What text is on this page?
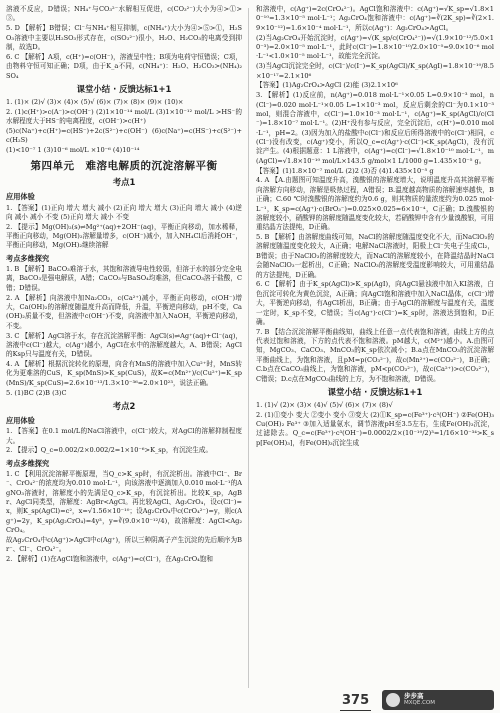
溶液不反应，D错误；NH₄⁺与CO₃²⁻水解相互促进，c(CO₃²⁻)大小为④>①>③。

5. D 【解析】B错误；Cl⁻与NH₄⁺相互抑制，c(NH₄⁺)大小为④>⑤>①，H₂SO₃溶液中主要以H₂SO₃形式存在，c(SO₃²⁻)很小，H₂O、H₂CO₃的电离受到抑制，故选D。

6. C 【解析】A项，c(H⁺)=c(OH⁻)，溶液呈中性；B项为电荷守恒错误；C项，由物料守恒可知正确；D项，由于K_a不同，c(NH₄⁺)：H₂O、H₂CO₃>(NH₄)₂SO₄

课堂小结 · 反馈达标1+1

1. (1)× (2)√ (3)× (4)× (5)√ (6)× (7)× (8)× (9)× (10)×

2. (1)c(H⁺)>c(A⁻)>c(OH⁻) (2)1×10⁻¹⁴ mol/L (3)1×10⁻¹² mol/L >HS⁻的水解程度大于HS⁻的电离程度，c(OH⁻)>c(H⁺)

(5)c(Na⁺)+c(H⁺)=c(HS⁻)+2c(S²⁻)+c(OH⁻) (6)c(Na⁺)=c(HS⁻)+c(S²⁻)+c(H₂S)

(1)<10⁻⁷ 1 (3)10⁻⁶ mol/L ×10⁻⁶ (4)10⁻¹⁴

第四单元　难溶电解质的沉淀溶解平衡
考点1
应用体验

1. 【答案】(1)正向 增大 增大 减小 (2)正向 增大 增大 (3)正向 增大 减小 (4)逆向 减小 减小 不变 (5)正向 增大 减小 不变

2. 【提示】Mg(OH)₂(s)⇌Mg²⁺(aq)+2OH⁻(aq)，平衡正向移动，加水稀释，平衡正向移动，Mg(OH)₂溶解量增多，c(OH⁻)减小，加入NH₄Cl后消耗OH⁻，平衡正向移动，Mg(OH)₂继续溶解

考点多维探究

1. B 【解析】BaCO₃难溶于水，其饱和溶液导电性较弱，但溶于水的部分完全电离，BaCO₃是强电解质，A错；CaCO₃与BaSO₄均难溶，但CaCO₃溶于盐酸，C错；D错误。

2. A 【解析】向溶液中加Na₂CO₃，c(Ca²⁺)减小，平衡正向移动，c(OH⁻)增大，Ca(OH)₂的溶解度随温度升高而降低，升温，平衡逆向移动，pH不变，Ca(OH)₂质量不变，但溶液中c(OH⁻)不变，向溶液中加入NaOH，平衡逆向移动，不变。

3. C 【解析】AgCl溶于水，存在沉淀溶解平衡：AgCl(s)⇌Ag⁺(aq)+Cl⁻(aq)，溶液中c(Cl⁻)越大，c(Ag⁺)越小，AgCl在水中的溶解度越大，A、B错误；AgCl的Ksp只与温度有关，D错误。

4. A 【解析】根据沉淀转化的原理，向含有MnS的溶液中加入Cu²⁺时，MnS转化为更难溶的CuS，K_sp(MnS)>K_sp(CuS)，故K=c(Mn²⁺)/c(Cu²⁺)=K_sp(MnS)/K_sp(CuS)=2.6×10⁻¹³/1.3×10⁻³⁶=2.0×10²³，说法正确。

5. (1)BC (2)B (3)C

考点2
应用体验

1. 【答案】在0.1 mol/L的NaCl溶液中，c(Cl⁻)较大，对AgCl的溶解抑制程度大。

2. 【提示】Q_c=0.002/2×0.002/2=1×10⁻⁶>K_sp，有沉淀生成。

考点多维探究

1. C 【利用沉淀溶解平衡原理，当Q_c>K_sp时，有沉淀析出。溶液中Cl⁻、Br⁻、CrO₄²⁻的浓度均为0.010 mol·L⁻¹，向该溶液中逐滴加入0.010 mol·L⁻¹的AgNO₃溶液时，溶解度小的先满足Q_c>K_sp，有沉淀析出。比较K_sp，AgBr、AgCl同类型，溶解度：AgBr<AgCl。再比较AgCl、Ag₂CrO₄，设c(Cl⁻)=x，则K_sp(AgCl)=c²，x=√1.56×10⁻¹⁰；设Ag₂CrO₄中c(CrO₄²⁻)=y，则c(Ag⁺)=2y，K_sp(Ag₂CrO₄)=4y³，y=∛(9.0×10⁻¹²/4)，故溶解度：AgCl<Ag₂CrO₄。

故Ag₂CrO₄中c(Ag⁺)>AgCl中c(Ag⁺)，所以三种阴离子产生沉淀的先后顺序为Br⁻、Cl⁻、CrO₄²⁻。

2. 【解析】(1)在AgCl饱和溶液中，c(Ag⁺)=c(Cl⁻)，在Ag₂CrO₄饱和

和溶液中，c(Ag⁺)=2c(CrO₄²⁻)。AgCl饱和溶液中：c(Ag⁺)=√K_sp=√1.8×10⁻¹⁰=1.3×10⁻⁵ mol·L⁻¹；Ag₂CrO₄饱和溶液中：c(Ag⁺)=∛(2K_sp)=∛(2×1.9×10⁻¹²)=1.6×10⁻⁴ mol·L⁻¹，所以c(Ag⁺)：Ag₂CrO₄>AgCl。

(2)当Ag₂CrO₄开始沉淀时，c(Ag⁺)=√(K_sp/c(CrO₄²⁻))=√(1.9×10⁻¹²/5.0×10⁻³)=2.0×10⁻⁵ mol·L⁻¹，此时c(Cl⁻)=1.8×10⁻¹⁰/2.0×10⁻⁵=9.0×10⁻⁶ mol·L⁻¹<1.0×10⁻⁵ mol·L⁻¹，故能完全沉淀。

(3)当AgCl沉淀完全时，c(Cl⁻)/c(I⁻)=K_sp(AgCl)/K_sp(AgI)=1.8×10⁻¹⁰/8.5×10⁻¹⁷=2.1×10⁶

【答案】(1)Ag₂CrO₄>AgCl (2)能 (3)2.1×10⁶

3. 【解析】(1)反应前，n(Ag⁺)=0.018 mol·L⁻¹×0.05 L=0.9×10⁻³ mol，n(Cl⁻)=0.020 mol·L⁻¹×0.05 L=1×10⁻³ mol，反应后剩余的Cl⁻为0.1×10⁻³ mol，则混合溶液中，c(Cl⁻)=1.0×10⁻³ mol·L⁻¹，c(Ag⁺)=K_sp(AgCl)/c(Cl⁻)=1.8×10⁻⁷ mol·L⁻¹。(2)H⁺没有参与反应，完全沉淀后，c(H⁺)=0.010 mol·L⁻¹，pH=2。(3)因为加入的盐酸中c(Cl⁻)和反应后所得溶液中的c(Cl⁻)相同，c(Cl⁻)没有改变，c(Ag⁺)变小，所以Q_c=c(Ag⁺)·c(Cl⁻)<K_sp(AgCl)，没有沉淀产生。(4)根据题意：1 L溶液中，c(Ag⁺)=c(Cl⁻)=√1.8×10⁻¹⁰ mol·L⁻¹，m(AgCl)=√1.8×10⁻¹⁰ mol/L×143.5 g/mol×1 L/1000 g=1.435×10⁻⁵ g。

【答案】(1)1.8×10⁻⁷ mol/L (2)2 (3)否 (4)1.435×10⁻⁵ g

4. A 【A.由题图可知温度升高，溴酸银的溶解度增大，说明温度升高其溶解平衡向溶解方向移动，溶解是吸热过程，A错误；B.温度越高物质的溶解速率越快，B正确；C.60 ℃时溴酸银的溶解度约为0.6 g，则其物质的量浓度约为0.025 mol·L⁻¹，K_sp=c(Ag⁺)·c(BrO₃⁻)=0.025×0.025≈6×10⁻⁴，C正确；D.溴酸银的溶解度较小，硝酸钾的溶解度随温度变化较大，若硝酸钾中含有少量溴酸银，可用重结晶方法提纯，D正确。

5. B 【解析】由溶解度曲线可知，NaCl的溶解度随温度变化不大，而NaClO₃的溶解度随温度变化较大，A正确；电解NaCl溶液时，阳极上Cl⁻失电子生成Cl₂，B错误；由于NaClO₃的溶解度较大，而NaCl的溶解度较小，在降温结晶时NaCl会随NaClO₃一起析出，C正确；NaClO₃的溶解度受温度影响较大，可用重结晶的方法提纯，D正确。

6. C 【解析】由于K_sp(AgCl)>K_sp(AgI)，向AgCl悬浊液中加入KI溶液，白色沉淀可转化为黄色沉淀，A正确；向AgCl饱和溶液中加入NaCl晶体，c(Cl⁻)增大，平衡逆向移动，有AgCl析出，B正确；由于AgCl的溶解度与温度有关，温度一定时，K_sp不变，C错误；当c(Ag⁺)·c(Cl⁻)=K_sp时，溶液达到饱和，D正确。

7. B 【结合沉淀溶解平衡曲线知，曲线上任意一点代表饱和溶液，曲线上方的点代表过饱和溶液，下方的点代表不饱和溶液。pM越大，c(M²⁺)越小。A.由图可知，MgCO₃、CaCO₃、MnCO₃的K_sp依次减小；B.a点在MnCO₃的沉淀溶解平衡曲线上，为饱和溶液，且pM=p(CO₃²⁻)，故c(Mn²⁺)=c(CO₃²⁻)，B正确；C.b点在CaCO₃曲线上，为饱和溶液，pM<p(CO₃²⁻)，故c(Ca²⁺)>c(CO₃²⁻)，C错误；D.c点在MgCO₃曲线的上方，为不饱和溶液，D错误。

课堂小结 · 反馈达标1+1

1. (1)√ (2)× (3)× (4)√ (5)√ (6)× (7)× (8)√

2. (1)①变小 变大 ②变小 变小 ③变大 (2)①K_sp=c(Fe³⁺)·c³(OH⁻) ②Fe(OH)₃ Cu(OH)₂ Fe³⁺ ③加入适量氨水，调节溶液pH至3.5左右，生成Fe(OH)₃沉淀，过滤除去。Q_c=c(Fe³⁺)·c³(OH⁻)=0.0002/2×(10⁻¹⁰/2)³=1/16×10⁻³⁴>K_sp[Fe(OH)₃]，有Fe(OH)₃沉淀生成

375	步步高
MXQE.COM
